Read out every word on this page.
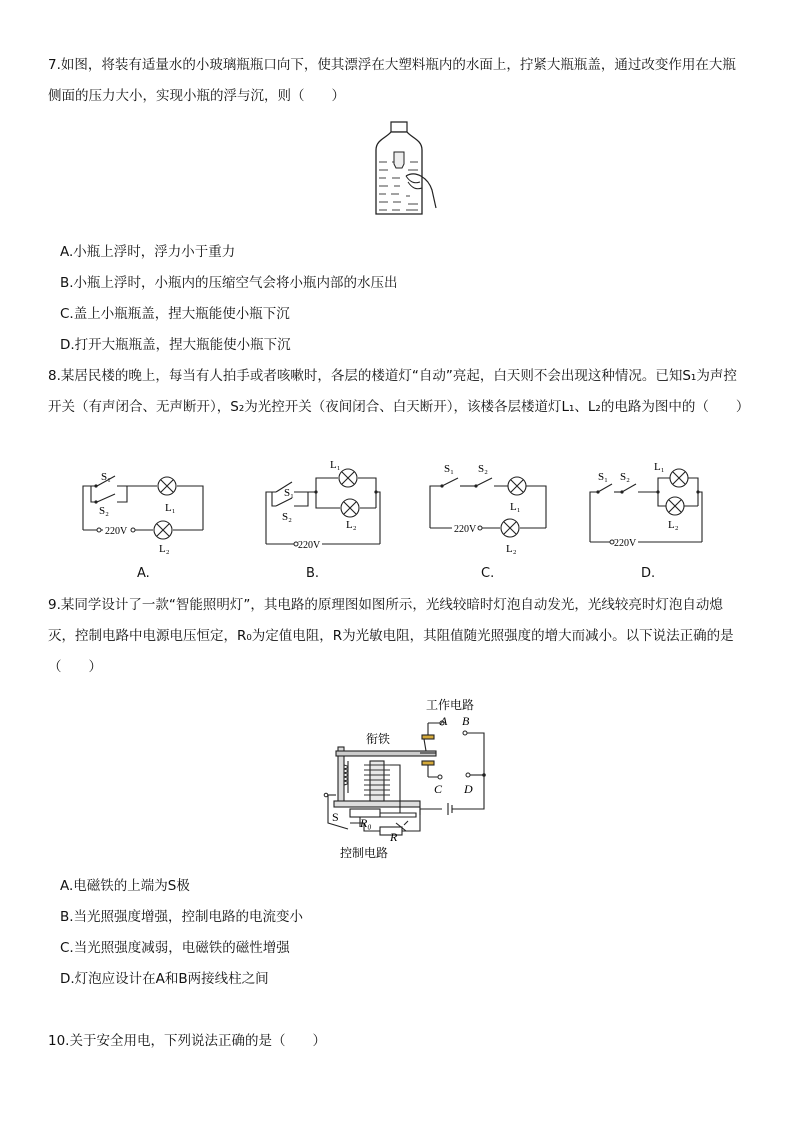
7.如图，将装有适量水的小玻璃瓶瓶口向下，使其漂浮在大塑料瓶内的水面上，拧紧大瓶瓶盖，通过改变作用在大瓶侧面的压力大小，实现小瓶的浮与沉，则（　　）
A.小瓶上浮时，浮力小于重力
B.小瓶上浮时，小瓶内的压缩空气会将小瓶内部的水压出
C.盖上小瓶瓶盖，捏大瓶能使小瓶下沉
D.打开大瓶瓶盖，捏大瓶能使小瓶下沉
8.某居民楼的晚上，每当有人拍手或者咳嗽时，各层的楼道灯“自动”亮起，白天则不会出现这种情况。已知S₁为声控开关（有声闭合、无声断开），S₂为光控开关（夜间闭合、白天断开），该楼各层楼道灯L₁、L₂的电路为图中的（　　）
S₁
S₂
220V
L₁
L₂
A.
S₁
S₂
220V
L₁
L₂
B.
S₁ S₂
220V
L₁
L₂
C.
S₁ S₂
220V
L₁
L₂
D.
9.某同学设计了一款“智能照明灯”，其电路的原理图如图所示，光线较暗时灯泡自动发光，光线较亮时灯泡自动熄灭，控制电路中电源电压恒定，R₀为定值电阻，R为光敏电阻，其阻值随光照强度的增大而减小。以下说法正确的是（　　）
工作电路
衔铁
A B
C D
S R₀
R
控制电路
A.电磁铁的上端为S极
B.当光照强度增强，控制电路的电流变小
C.当光照强度减弱，电磁铁的磁性增强
D.灯泡应设计在A和B两接线柱之间
10.关于安全用电，下列说法正确的是（　　）
